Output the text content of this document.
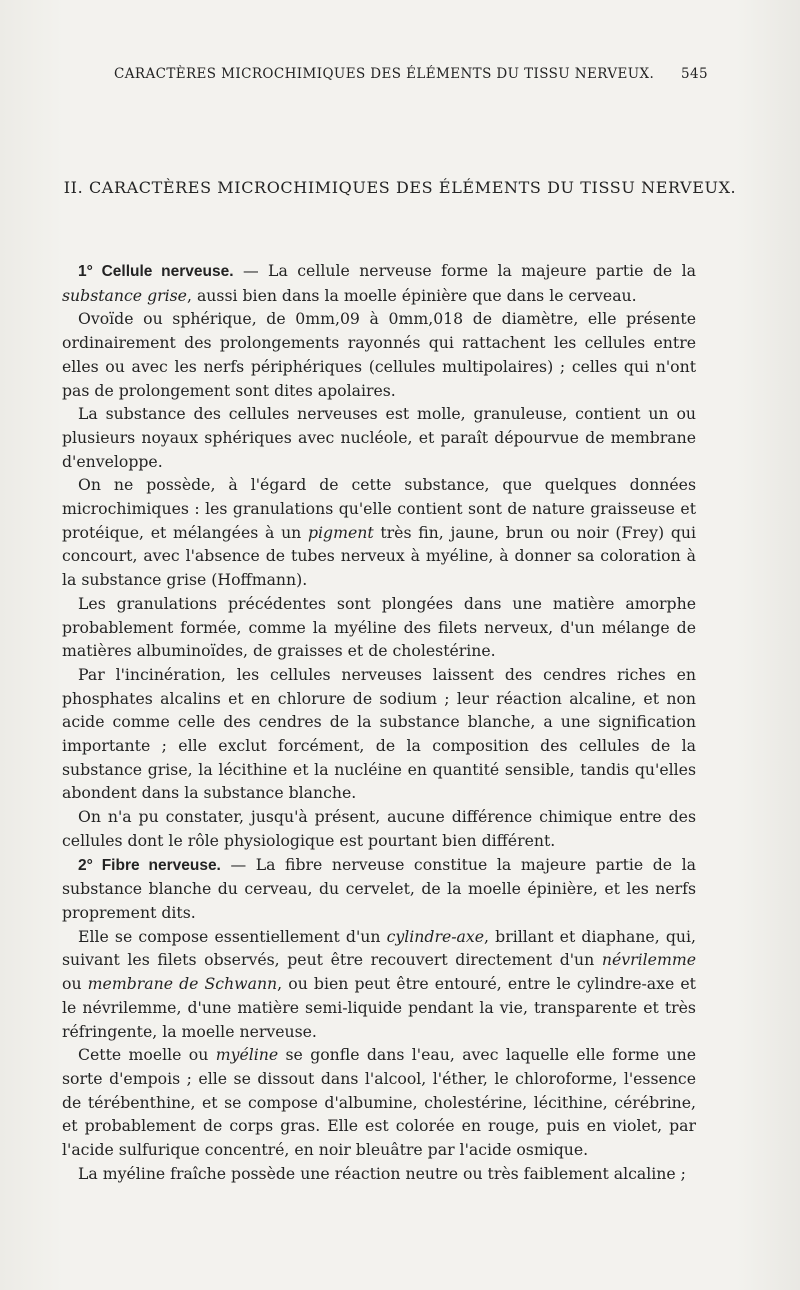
CARACTÈRES MICROCHIMIQUES DES ÉLÉMENTS DU TISSU NERVEUX. 545
II. CARACTÈRES MICROCHIMIQUES DES ÉLÉMENTS DU TISSU NERVEUX.

1° Cellule nerveuse. — La cellule nerveuse forme la majeure partie de la substance grise, aussi bien dans la moelle épinière que dans le cerveau.

Ovoïde ou sphérique, de 0mm,09 à 0mm,018 de diamètre, elle présente ordinairement des prolongements rayonnés qui rattachent les cellules entre elles ou avec les nerfs périphériques (cellules multipolaires) ; celles qui n'ont pas de prolongement sont dites apolaires.

La substance des cellules nerveuses est molle, granuleuse, contient un ou plusieurs noyaux sphériques avec nucléole, et paraît dépourvue de membrane d'enveloppe.

On ne possède, à l'égard de cette substance, que quelques données microchimiques : les granulations qu'elle contient sont de nature graisseuse et protéique, et mélangées à un pigment très fin, jaune, brun ou noir (Frey) qui concourt, avec l'absence de tubes nerveux à myéline, à donner sa coloration à la substance grise (Hoffmann).

Les granulations précédentes sont plongées dans une matière amorphe probablement formée, comme la myéline des filets nerveux, d'un mélange de matières albuminoïdes, de graisses et de cholestérine.

Par l'incinération, les cellules nerveuses laissent des cendres riches en phosphates alcalins et en chlorure de sodium ; leur réaction alcaline, et non acide comme celle des cendres de la substance blanche, a une signification importante ; elle exclut forcément, de la composition des cellules de la substance grise, la lécithine et la nucléine en quantité sensible, tandis qu'elles abondent dans la substance blanche.

On n'a pu constater, jusqu'à présent, aucune différence chimique entre des cellules dont le rôle physiologique est pourtant bien différent.

2° Fibre nerveuse. — La fibre nerveuse constitue la majeure partie de la substance blanche du cerveau, du cervelet, de la moelle épinière, et les nerfs proprement dits.

Elle se compose essentiellement d'un cylindre-axe, brillant et diaphane, qui, suivant les filets observés, peut être recouvert directement d'un névrilemme ou membrane de Schwann, ou bien peut être entouré, entre le cylindre-axe et le névrilemme, d'une matière semi-liquide pendant la vie, transparente et très réfringente, la moelle nerveuse.

Cette moelle ou myéline se gonfle dans l'eau, avec laquelle elle forme une sorte d'empois ; elle se dissout dans l'alcool, l'éther, le chloroforme, l'essence de térébenthine, et se compose d'albumine, cholestérine, lécithine, cérébrine, et probablement de corps gras. Elle est colorée en rouge, puis en violet, par l'acide sulfurique concentré, en noir bleuâtre par l'acide osmique.

La myéline fraîche possède une réaction neutre ou très faiblement alcaline ;
